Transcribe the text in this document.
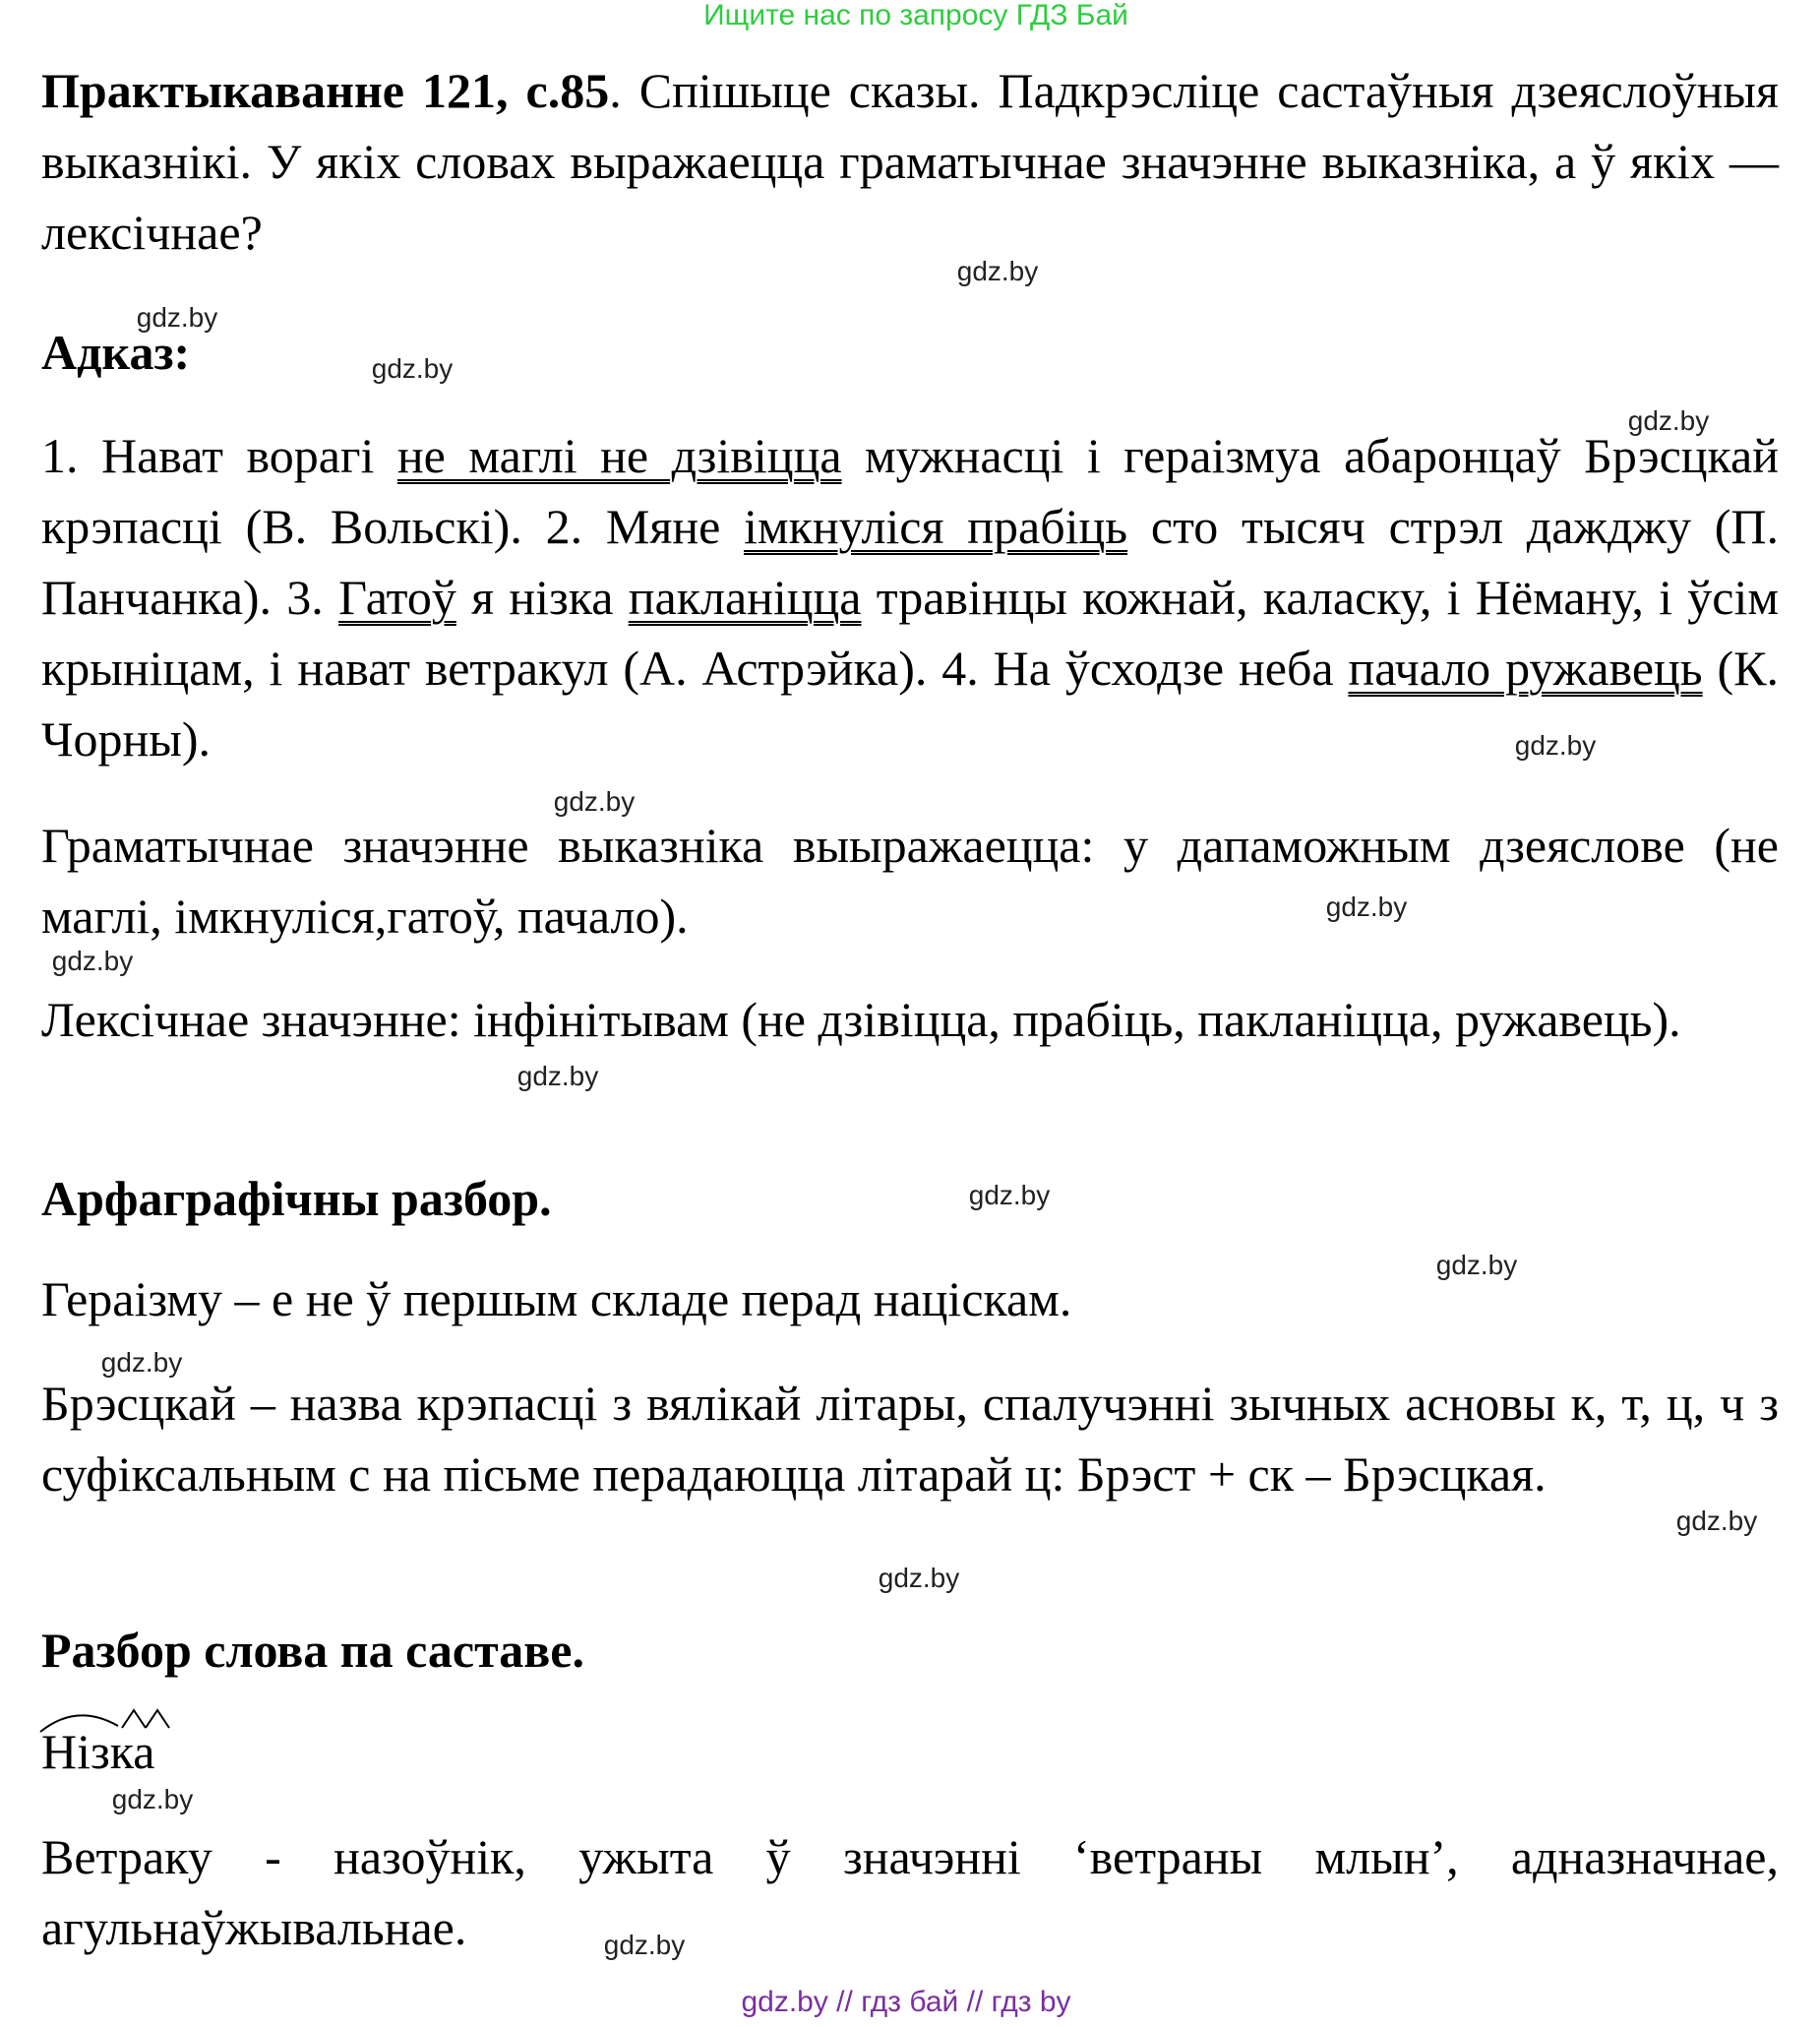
Ищите нас по запросу ГДЗ Бай
Практыкаванне 121, с.85. Спішыце сказы. Падкрэсліце састаўныя дзеяслоўныя выказнікі. У якіх словах выражаецца граматычнае значэнне выказніка, а ў якіх — лексічнае?
Адказ:
1. Нават ворагі не маглі не дзівіцца мужнасці і гераізмуа абаронцаў Брэсцкай крэпасці (В. Вольскі). 2. Мяне імкнуліся прабіць сто тысяч стрэл дажджу (П. Панчанка). 3. Гатоў я нізка пакланіцца травінцы кожнай, каласку, і Нёману, і ўсім крыніцам, і нават ветракул (А. Астрэйка). 4. На ўсходзе неба пачало ружавець (К. Чорны).
Граматычнае значэнне выказніка выыражаецца: у дапаможным дзеяслове (не маглі, імкнуліся,гатоў, пачало).
Лексічнае значэнне: інфінітывам (не дзівіцца, прабіць, пакланіцца, ружавець).
Арфаграфічны разбор.
Гераізму – е не ў першым складе перад націскам.
Брэсцкай – назва крэпасці з вялікай літары, спалучэнні зычных асновы к, т, ц, ч з суфіксальным с на пісьме перадаюцца літарай ц: Брэст + ск – Брэсцкая.
Разбор слова па саставе.
Нізка
Ветраку - назоўнік, ужыта ў значэнні ‘ветраны млын’, адназначнае, агульнаўжывальнае.
gdz.by
gdz.by
gdz.by
gdz.by
gdz.by
gdz.by
gdz.by
gdz.by
gdz.by
gdz.by
gdz.by
gdz.by
gdz.by
gdz.by
gdz.by
gdz.by
gdz.by // гдз бай // гдз by
